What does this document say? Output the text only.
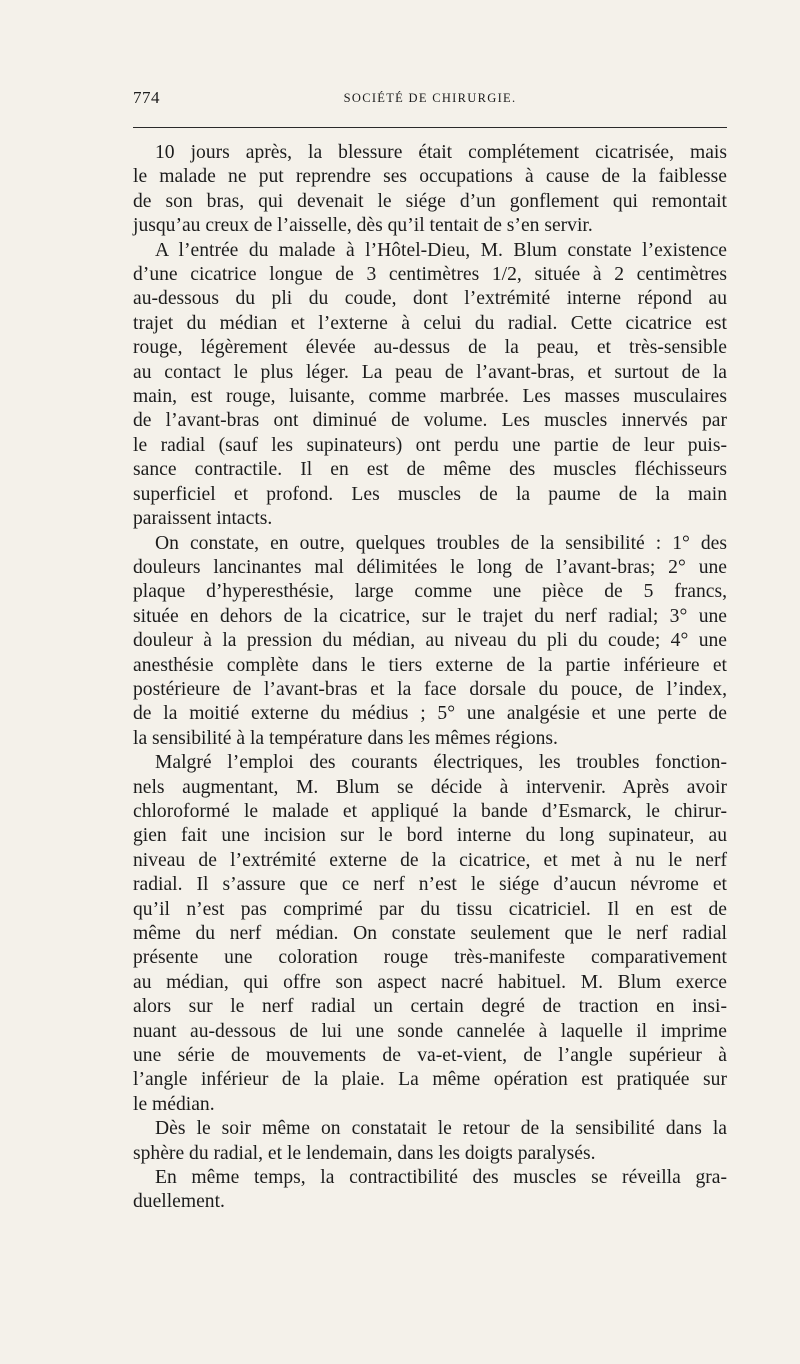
774	SOCIÉTÉ DE CHIRURGIE.
10 jours après, la blessure était complétement cicatrisée, mais
le malade ne put reprendre ses occupations à cause de la faiblesse
de son bras, qui devenait le siége d’un gonflement qui remontait
jusqu’au creux de l’aisselle, dès qu’il tentait de s’en servir.
A l’entrée du malade à l’Hôtel-Dieu, M. Blum constate l’existence
d’une cicatrice longue de 3 centimètres 1/2, située à 2 centimètres
au-dessous du pli du coude, dont l’extrémité interne répond au
trajet du médian et l’externe à celui du radial. Cette cicatrice est
rouge, légèrement élevée au-dessus de la peau, et très-sensible
au contact le plus léger. La peau de l’avant-bras, et surtout de la
main, est rouge, luisante, comme marbrée. Les masses musculaires
de l’avant-bras ont diminué de volume. Les muscles innervés par
le radial (sauf les supinateurs) ont perdu une partie de leur puis-
sance contractile. Il en est de même des muscles fléchisseurs
superficiel et profond. Les muscles de la paume de la main
paraissent intacts.
On constate, en outre, quelques troubles de la sensibilité : 1° des
douleurs lancinantes mal délimitées le long de l’avant-bras; 2° une
plaque d’hyperesthésie, large comme une pièce de 5 francs,
située en dehors de la cicatrice, sur le trajet du nerf radial; 3° une
douleur à la pression du médian, au niveau du pli du coude; 4° une
anesthésie complète dans le tiers externe de la partie inférieure et
postérieure de l’avant-bras et la face dorsale du pouce, de l’index,
de la moitié externe du médius ; 5° une analgésie et une perte de
la sensibilité à la température dans les mêmes régions.
Malgré l’emploi des courants électriques, les troubles fonction-
nels augmentant, M. Blum se décide à intervenir. Après avoir
chloroformé le malade et appliqué la bande d’Esmarck, le chirur-
gien fait une incision sur le bord interne du long supinateur, au
niveau de l’extrémité externe de la cicatrice, et met à nu le nerf
radial. Il s’assure que ce nerf n’est le siége d’aucun névrome et
qu’il n’est pas comprimé par du tissu cicatriciel. Il en est de
même du nerf médian. On constate seulement que le nerf radial
présente une coloration rouge très-manifeste comparativement
au médian, qui offre son aspect nacré habituel. M. Blum exerce
alors sur le nerf radial un certain degré de traction en insi-
nuant au-dessous de lui une sonde cannelée à laquelle il imprime
une série de mouvements de va-et-vient, de l’angle supérieur à
l’angle inférieur de la plaie. La même opération est pratiquée sur
le médian.
Dès le soir même on constatait le retour de la sensibilité dans la
sphère du radial, et le lendemain, dans les doigts paralysés.
En même temps, la contractibilité des muscles se réveilla gra-
duellement.
